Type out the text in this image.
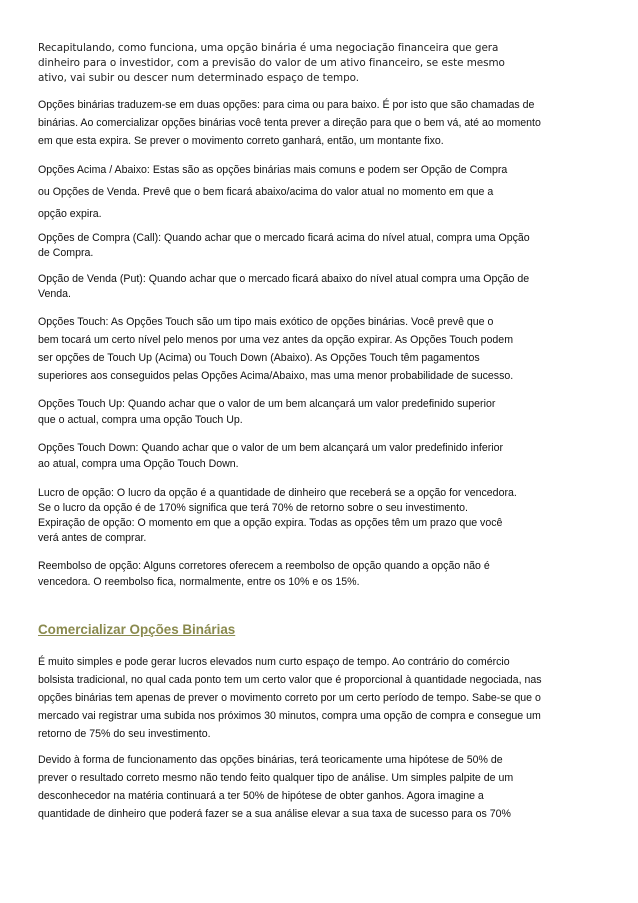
Recapitulando, como funciona, uma opção binária é uma negociação financeira que gera
dinheiro para o investidor, com a previsão do valor de um ativo financeiro, se este mesmo
ativo, vai subir ou descer num determinado espaço de tempo.
Opções binárias traduzem-se em duas opções: para cima ou para baixo. É por isto que são chamadas de
binárias. Ao comercializar opções binárias você tenta prever a direção para que o bem vá, até ao momento
em que esta expira. Se prever o movimento correto ganhará, então, um montante fixo.
Opções Acima / Abaixo: Estas são as opções binárias mais comuns e podem ser Opção de Compra
ou Opções de Venda. Prevê que o bem ficará abaixo/acima do valor atual no momento em que a
opção expira.
Opções de Compra (Call): Quando achar que o mercado ficará acima do nível atual, compra uma Opção
de Compra.
Opção de Venda (Put): Quando achar que o mercado ficará abaixo do nível atual compra uma Opção de
Venda.
Opções Touch: As Opções Touch são um tipo mais exótico de opções binárias. Você prevê que o
bem tocará um certo nível pelo menos por uma vez antes da opção expirar. As Opções Touch podem
ser opções de Touch Up (Acima) ou Touch Down (Abaixo). As Opções Touch têm pagamentos
superiores aos conseguidos pelas Opções Acima/Abaixo, mas uma menor probabilidade de sucesso.
Opções Touch Up: Quando achar que o valor de um bem alcançará um valor predefinido superior
que o actual, compra uma opção Touch Up.
Opções Touch Down: Quando achar que o valor de um bem alcançará um valor predefinido inferior
ao atual, compra uma Opção Touch Down.
Lucro de opção: O lucro da opção é a quantidade de dinheiro que receberá se a opção for vencedora.
Se o lucro da opção é de 170% significa que terá 70% de retorno sobre o seu investimento.
Expiração de opção: O momento em que a opção expira. Todas as opções têm um prazo que você
verá antes de comprar.
Reembolso de opção: Alguns corretores oferecem a reembolso de opção quando a opção não é
vencedora. O reembolso fica, normalmente, entre os 10% e os 15%.
Comercializar Opções Binárias
É muito simples e pode gerar lucros elevados num curto espaço de tempo. Ao contrário do comércio
bolsista tradicional, no qual cada ponto tem um certo valor que é proporcional à quantidade negociada, nas
opções binárias tem apenas de prever o movimento correto por um certo período de tempo. Sabe-se que o
mercado vai registrar uma subida nos próximos 30 minutos, compra uma opção de compra e consegue um
retorno de 75% do seu investimento.
Devido à forma de funcionamento das opções binárias, terá teoricamente uma hipótese de 50% de
prever o resultado correto mesmo não tendo feito qualquer tipo de análise. Um simples palpite de um
desconhecedor na matéria continuará a ter 50% de hipótese de obter ganhos. Agora imagine a
quantidade de dinheiro que poderá fazer se a sua análise elevar a sua taxa de sucesso para os 70%
